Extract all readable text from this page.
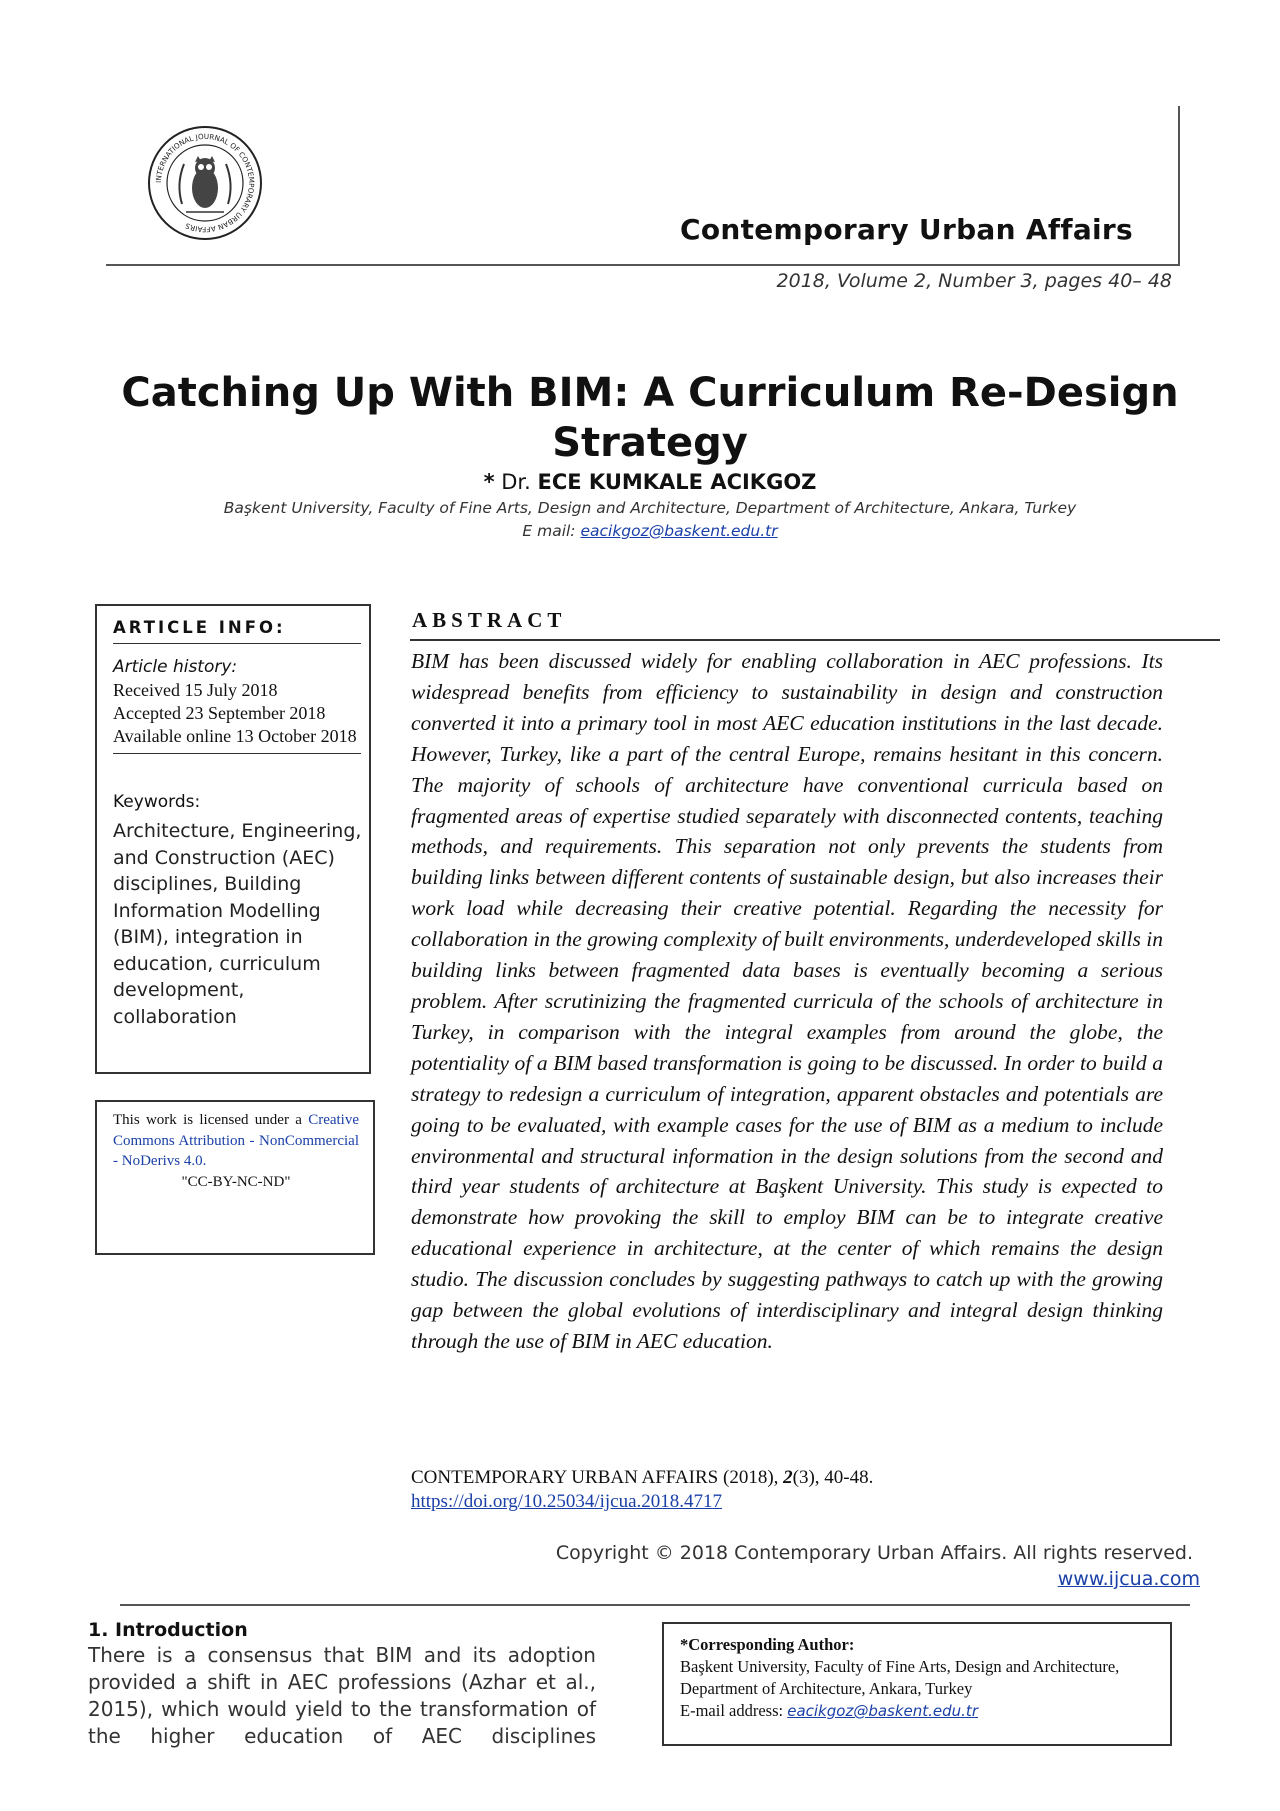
INTERNATIONAL JOURNAL OF CONTEMPORARY URBAN AFFAIRS	Contemporary Urban Affairs
2018, Volume 2, Number 3, pages 40– 48
Catching Up With BIM: A Curriculum Re-Design Strategy
* Dr. ECE KUMKALE ACIKGOZ
Başkent University, Faculty of Fine Arts, Design and Architecture, Department of Architecture, Ankara, Turkey
E mail: eacikgoz@baskent.edu.tr
ARTICLE INFO:
Article history:
Received 15 July 2018
Accepted 23 September 2018
Available online 13 October 2018
Keywords:
Architecture, Engineering, and Construction (AEC) disciplines, Building Information Modelling (BIM), integration in education, curriculum development, collaboration
This work is licensed under a Creative Commons Attribution - NonCommercial - NoDerivs 4.0.
"CC-BY-NC-ND"
ABSTRACT
BIM has been discussed widely for enabling collaboration in AEC professions. Its widespread benefits from efficiency to sustainability in design and construction converted it into a primary tool in most AEC education institutions in the last decade. However, Turkey, like a part of the central Europe, remains hesitant in this concern. The majority of schools of architecture have conventional curricula based on fragmented areas of expertise studied separately with disconnected contents, teaching methods, and requirements. This separation not only prevents the students from building links between different contents of sustainable design, but also increases their work load while decreasing their creative potential. Regarding the necessity for collaboration in the growing complexity of built environments, underdeveloped skills in building links between fragmented data bases is eventually becoming a serious problem. After scrutinizing the fragmented curricula of the schools of architecture in Turkey, in comparison with the integral examples from around the globe, the potentiality of a BIM based transformation is going to be discussed. In order to build a strategy to redesign a curriculum of integration, apparent obstacles and potentials are going to be evaluated, with example cases for the use of BIM as a medium to include environmental and structural information in the design solutions from the second and third year students of architecture at Başkent University. This study is expected to demonstrate how provoking the skill to employ BIM can be to integrate creative educational experience in architecture, at the center of which remains the design studio. The discussion concludes by suggesting pathways to catch up with the growing gap between the global evolutions of interdisciplinary and integral design thinking through the use of BIM in AEC education.
CONTEMPORARY URBAN AFFAIRS (2018), 2(3), 40-48.
https://doi.org/10.25034/ijcua.2018.4717
Copyright © 2018 Contemporary Urban Affairs. All rights reserved.
www.ijcua.com
1. Introduction
There is a consensus that BIM and its adoption provided a shift in AEC professions (Azhar et al., 2015), which would yield to the transformation of the higher education of AEC disciplines
*Corresponding Author:
Başkent University, Faculty of Fine Arts, Design and Architecture, Department of Architecture, Ankara, Turkey
E-mail address: eacikgoz@baskent.edu.tr
